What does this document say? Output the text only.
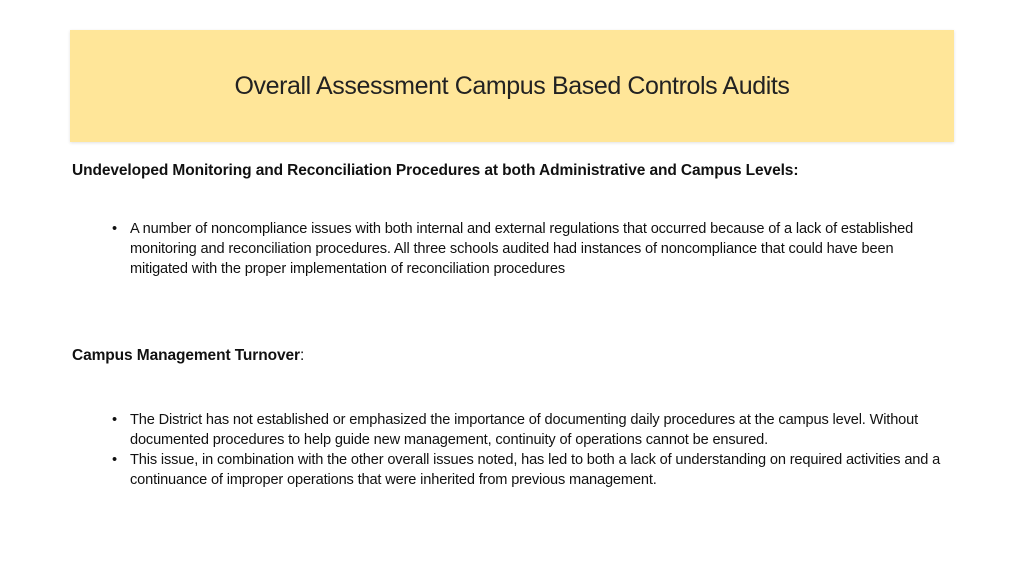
Overall Assessment Campus Based Controls Audits
Undeveloped Monitoring and Reconciliation Procedures at both Administrative and Campus Levels:
• A number of noncompliance issues with both internal and external regulations that occurred because of a lack of established monitoring and reconciliation procedures. All three schools audited had instances of noncompliance that could have been mitigated with the proper implementation of reconciliation procedures
Campus Management Turnover:
• The District has not established or emphasized the importance of documenting daily procedures at the campus level. Without documented procedures to help guide new management, continuity of operations cannot be ensured.
• This issue, in combination with the other overall issues noted, has led to both a lack of understanding on required activities and a continuance of improper operations that were inherited from previous management.
